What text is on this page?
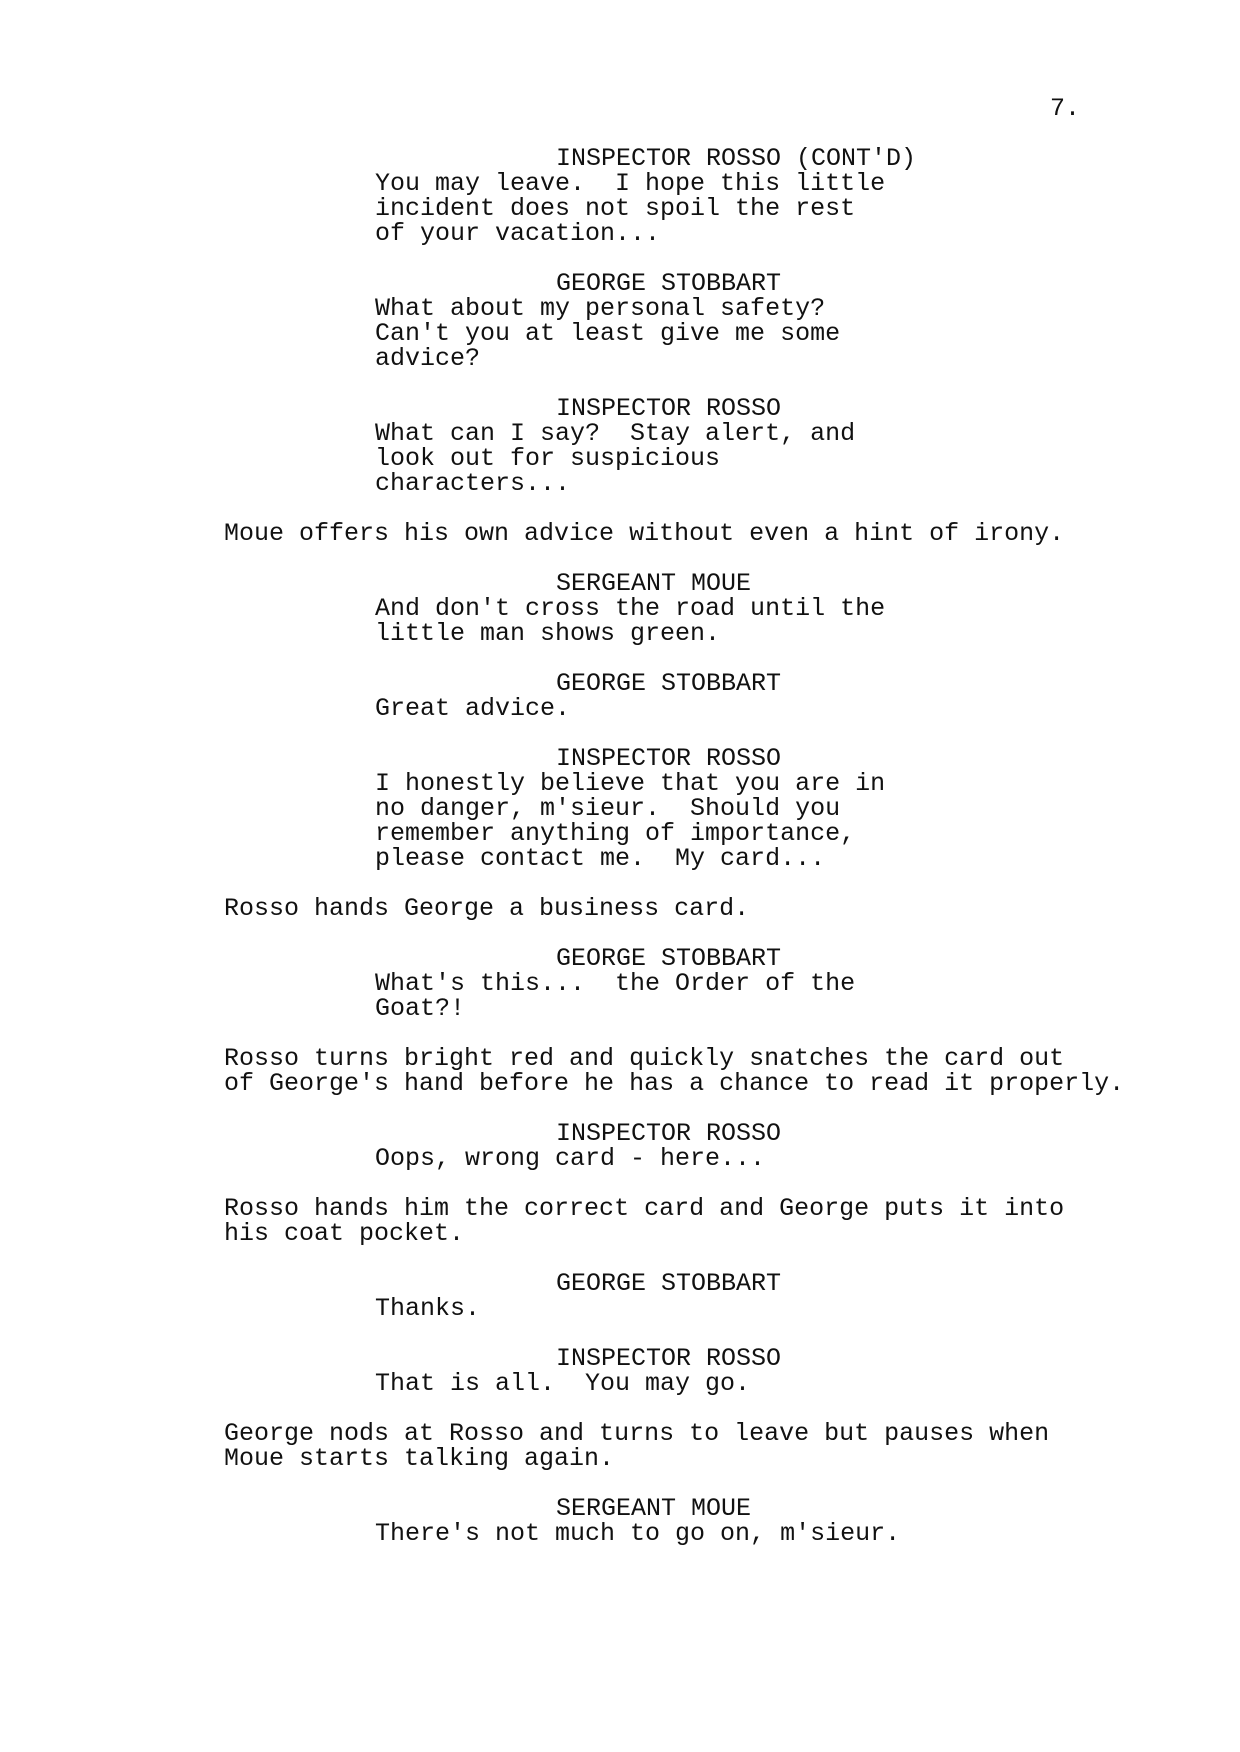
7.
INSPECTOR ROSSO (CONT'D)
You may leave.  I hope this little
incident does not spoil the rest
of your vacation...
GEORGE STOBBART
What about my personal safety?
Can't you at least give me some
advice?
INSPECTOR ROSSO
What can I say?  Stay alert, and
look out for suspicious
characters...
Moue offers his own advice without even a hint of irony.
SERGEANT MOUE
And don't cross the road until the
little man shows green.
GEORGE STOBBART
Great advice.
INSPECTOR ROSSO
I honestly believe that you are in
no danger, m'sieur.  Should you
remember anything of importance,
please contact me.  My card...
Rosso hands George a business card.
GEORGE STOBBART
What's this...  the Order of the
Goat?!
Rosso turns bright red and quickly snatches the card out
of George's hand before he has a chance to read it properly.
INSPECTOR ROSSO
Oops, wrong card - here...
Rosso hands him the correct card and George puts it into
his coat pocket.
GEORGE STOBBART
Thanks.
INSPECTOR ROSSO
That is all.  You may go.
George nods at Rosso and turns to leave but pauses when
Moue starts talking again.
SERGEANT MOUE
There's not much to go on, m'sieur.
